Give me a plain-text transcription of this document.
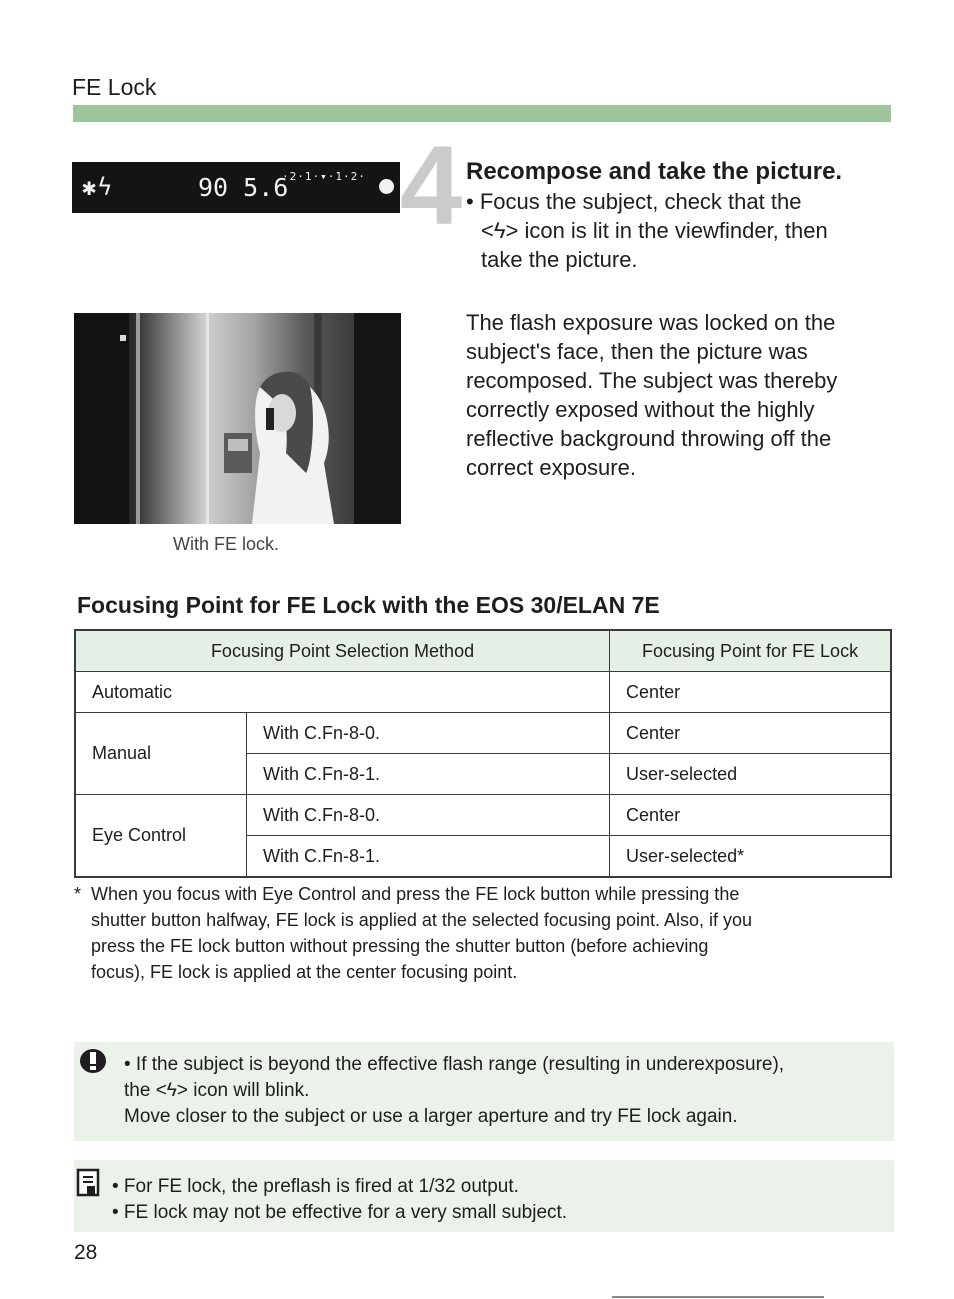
FE Lock
✱ϟ	90 5.6
·2·1·▾·1·2· 4 Recompose and take the picture.
• Focus the subject, check that the
<ϟ> icon is lit in the viewfinder, then
take the picture.
The flash exposure was locked on the
subject's face, then the picture was
recomposed. The subject was thereby
correctly exposed without the highly
reflective background throwing off the
correct exposure.
With FE lock.
Focusing Point for FE Lock with the EOS 30/ELAN 7E
Focusing Point Selection Method		Focusing Point for FE Lock
Automatic		Center
Manual	With C.Fn-8-0.	Center
	With C.Fn-8-1.	User-selected
Eye Control	With C.Fn-8-0.	Center
	With C.Fn-8-1.	User-selected*
* When you focus with Eye Control and press the FE lock button while pressing the
shutter button halfway, FE lock is applied at the selected focusing point. Also, if you
press the FE lock button without pressing the shutter button (before achieving
focus), FE lock is applied at the center focusing point.
• If the subject is beyond the effective flash range (resulting in underexposure),
the <ϟ> icon will blink.
Move closer to the subject or use a larger aperture and try FE lock again.
• For FE lock, the preflash is fired at 1/32 output.
• FE lock may not be effective for a very small subject.
28
